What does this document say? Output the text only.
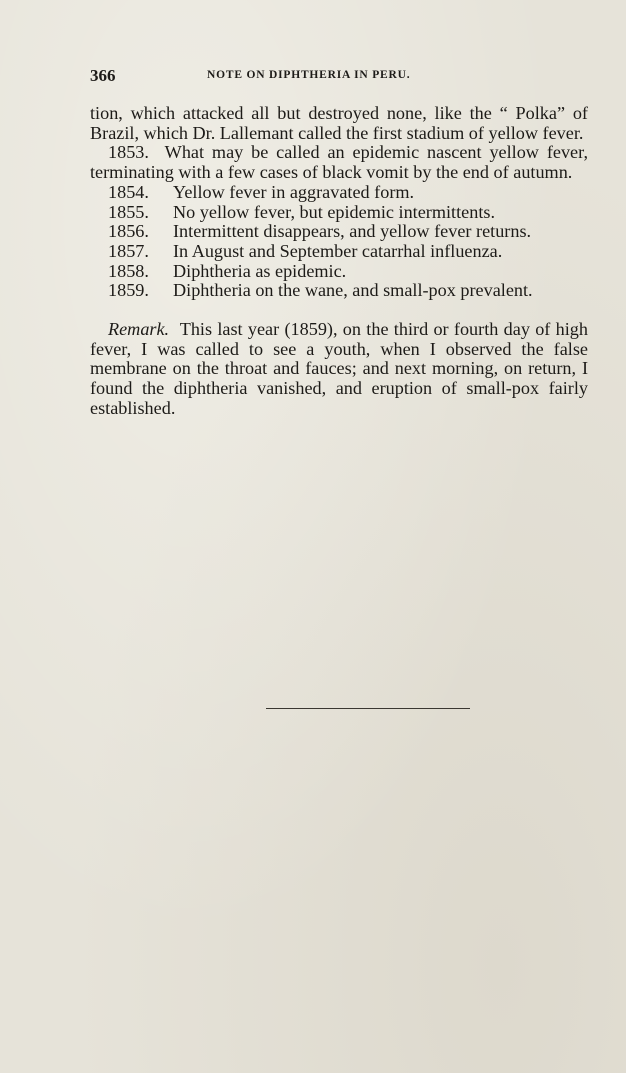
366	NOTE ON DIPHTHERIA IN PERU.

tion, which attacked all but destroyed none, like the “ Polka” of Brazil, which Dr. Lallemant called the first stadium of yellow fever.

1853. What may be called an epidemic nascent yellow fever, terminating with a few cases of black vomit by the end of autumn.

1854. Yellow fever in aggravated form.

1855. No yellow fever, but epidemic intermittents.

1856. Intermittent disappears, and yellow fever returns.

1857. In August and September catarrhal influenza.

1858. Diphtheria as epidemic.

1859. Diphtheria on the wane, and small-pox prevalent.

Remark. This last year (1859), on the third or fourth day of high fever, I was called to see a youth, when I observed the false membrane on the throat and fauces; and next morning, on return, I found the diphtheria vanished, and eruption of small-pox fairly established.
